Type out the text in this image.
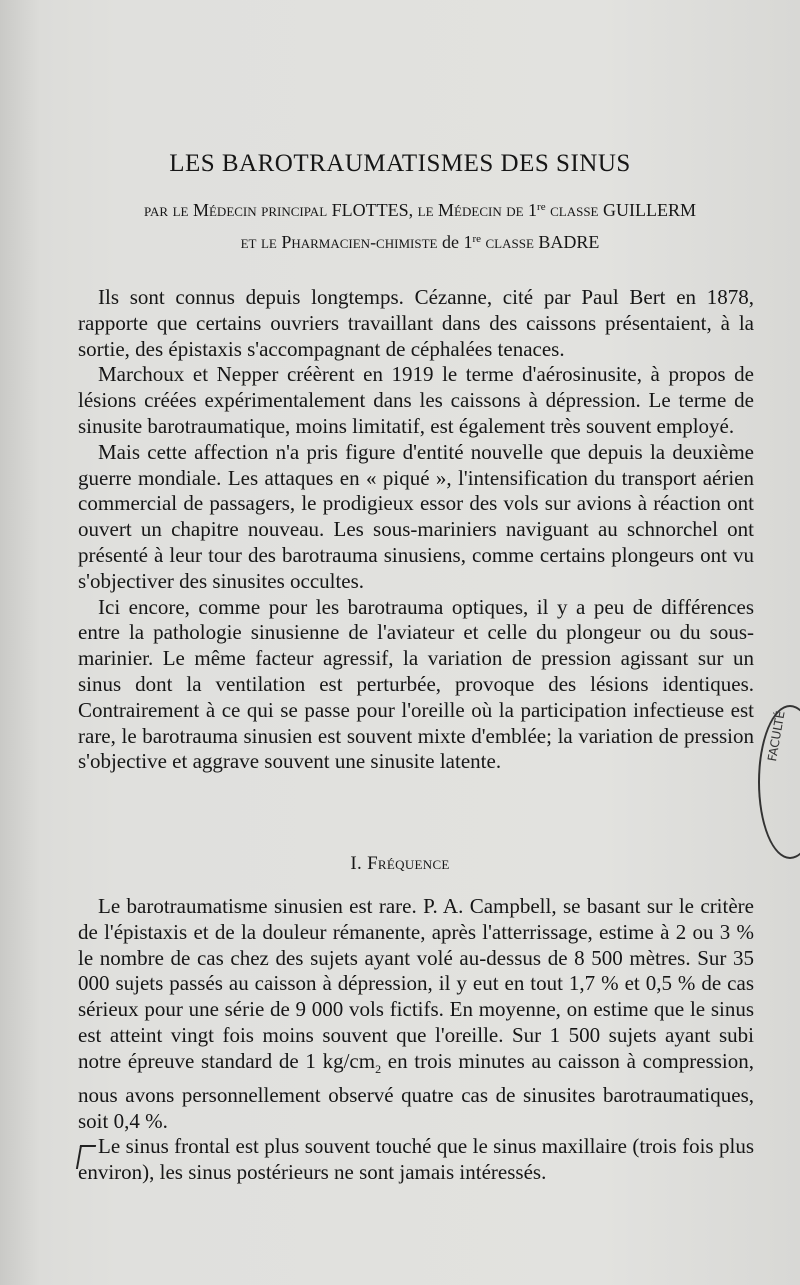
LES BAROTRAUMATISMES DES SINUS
par le Médecin principal FLOTTES, le Médecin de 1re classe GUILLERM
et le Pharmacien-chimiste de 1re classe BADRE

Ils sont connus depuis longtemps. Cézanne, cité par Paul Bert en 1878, rapporte que certains ouvriers travaillant dans des caissons présentaient, à la sortie, des épistaxis s'accompagnant de céphalées tenaces.

Marchoux et Nepper créèrent en 1919 le terme d'aérosinusite, à propos de lésions créées expérimentalement dans les caissons à dépression. Le terme de sinusite barotraumatique, moins limitatif, est également très souvent employé.

Mais cette affection n'a pris figure d'entité nouvelle que depuis la deuxième guerre mondiale. Les attaques en « piqué », l'intensification du transport aérien commercial de passagers, le prodigieux essor des vols sur avions à réaction ont ouvert un chapitre nouveau. Les sous-mariniers naviguant au schnorchel ont présenté à leur tour des barotrauma sinusiens, comme certains plongeurs ont vu s'objectiver des sinusites occultes.

Ici encore, comme pour les barotrauma optiques, il y a peu de différences entre la pathologie sinusienne de l'aviateur et celle du plongeur ou du sous-marinier. Le même facteur agressif, la variation de pression agissant sur un sinus dont la ventilation est perturbée, provoque des lésions identiques. Contrairement à ce qui se passe pour l'oreille où la participation infectieuse est rare, le barotrauma sinusien est souvent mixte d'emblée; la variation de pression s'objective et aggrave souvent une sinusite latente.

I. Fréquence

Le barotraumatisme sinusien est rare. P. A. Campbell, se basant sur le critère de l'épistaxis et de la douleur rémanente, après l'atterrissage, estime à 2 ou 3 % le nombre de cas chez des sujets ayant volé au-dessus de 8 500 mètres. Sur 35 000 sujets passés au caisson à dépression, il y eut en tout 1,7 % et 0,5 % de cas sérieux pour une série de 9 000 vols fictifs. En moyenne, on estime que le sinus est atteint vingt fois moins souvent que l'oreille. Sur 1 500 sujets ayant subi notre épreuve standard de 1 $kg/cm_2$ en trois minutes au caisson à compression, nous avons personnellement observé quatre cas de sinusites barotraumatiques, soit 0,4 %.

Le sinus frontal est plus souvent touché que le sinus maxillaire (trois fois plus environ), les sinus postérieurs ne sont jamais intéressés.

FACULTÉ
